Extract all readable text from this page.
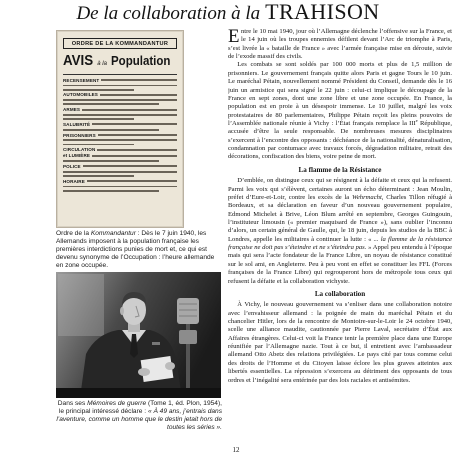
De la collaboration à la TRAHISON
ORDRE DE LA KOMMANDANTUR
AVIS à la Population
RECENSEMENT
AUTOMOBILES
ARMES
SALUBRITÉ
PRISONNIERS
CIRCULATION
et LUMIÈRE
POLICE
HORAIRE
Ordre de la Kommandantur : Dès le 7 juin 1940, les Allemands imposent à la population française les premières interdictions punies de mort et, ce qui est devenu synonyme de l’Occupation : l’heure allemande en zone occupée.
Dans ses Mémoires de guerre (Tome 1, éd. Plon, 1954), le principal intéressé déclare : « À 49 ans, j’entrais dans l’aventure, comme un homme que le destin jetait hors de toutes les séries ».

Entre le 10 mai 1940, jour où l’Allemagne déclenche l’offensive sur la France, et le 14 juin où les troupes ennemies défilent devant l’Arc de triomphe à Paris, s’est livrée la « bataille de France » avec l’armée française mise en déroute, suivie de l’exode massif des civils.

Les combats se sont soldés par 100 000 morts et plus de 1,5 million de prisonniers. Le gouvernement français quitte alors Paris et gagne Tours le 10 juin. Le maréchal Pétain, nouvellement nommé Président du Conseil, demande dès le 16 juin un armistice qui sera signé le 22 juin : celui-ci implique le découpage de la France en sept zones, dont une zone libre et une zone occupée. En France, la population est en proie à un désespoir immense. Le 10 juillet, malgré les voix protestataires de 80 parlementaires, Philippe Pétain reçoit les pleins pouvoirs de l’Assemblée nationale réunie à Vichy : l’État français remplace la IIIe République, accusée d’être la seule responsable. De nombreuses mesures disciplinaires s’exercent à l’encontre des opposants : déchéance de la nationalité, dénaturalisation, condamnation par contumace avec travaux forcés, dégradation militaire, retrait des décorations, confiscation des biens, voire peine de mort.

La flamme de la Résistance

D’emblée, on distingue ceux qui se résignent à la défaite et ceux qui la refusent. Parmi les voix qui s’élèvent, certaines auront un écho déterminant : Jean Moulin, préfet d’Eure-et-Loir, contre les excès de la Wehrmacht, Charles Tillon réfugié à Bordeaux, et sa déclaration en faveur d’un nouveau gouvernement populaire, Edmond Michelet à Brive, Léon Blum arrêté en septembre, Georges Guingouin, l’instituteur limousin (« premier maquisard de France »), sans oublier l’inconnu d’alors, un certain général de Gaulle, qui, le 18 juin, depuis les studios de la BBC à Londres, appelle les militaires à continuer la lutte : « ... la flamme de la résistance française ne doit pas s’éteindre et ne s’éteindra pas. » Appel peu entendu à l’époque mais qui sera l’acte fondateur de la France Libre, un noyau de résistance constitué sur le sol ami, en Angleterre. Peu à peu vont en effet se constituer les FFL (Forces françaises de la France Libre) qui regrouperont hors de métropole tous ceux qui refusent la défaite et la collaboration vichyste.

La collaboration

À Vichy, le nouveau gouvernement va s’enliser dans une collaboration notoire avec l’envahisseur allemand : la poignée de main du maréchal Pétain et du chancelier Hitler, lors de la rencontre de Montoire-sur-le-Loir le 24 octobre 1940, scelle une alliance maudite, cautionnée par Pierre Laval, secrétaire d’État aux Affaires étrangères. Celui-ci voit la France tenir la première place dans une Europe réunifiée par l’Allemagne nazie. Tout à ce but, il entretient avec l’ambassadeur allemand Otto Abetz des relations privilégiées. Le pays cité par tous comme celui des droits de l’Homme et du Citoyen laisse éclore les plus graves atteintes aux libertés essentielles. La répression s’exercera au détriment des opposants de tous ordres et l’inégalité sera entérinée par des lois raciales et antisémites.

12
